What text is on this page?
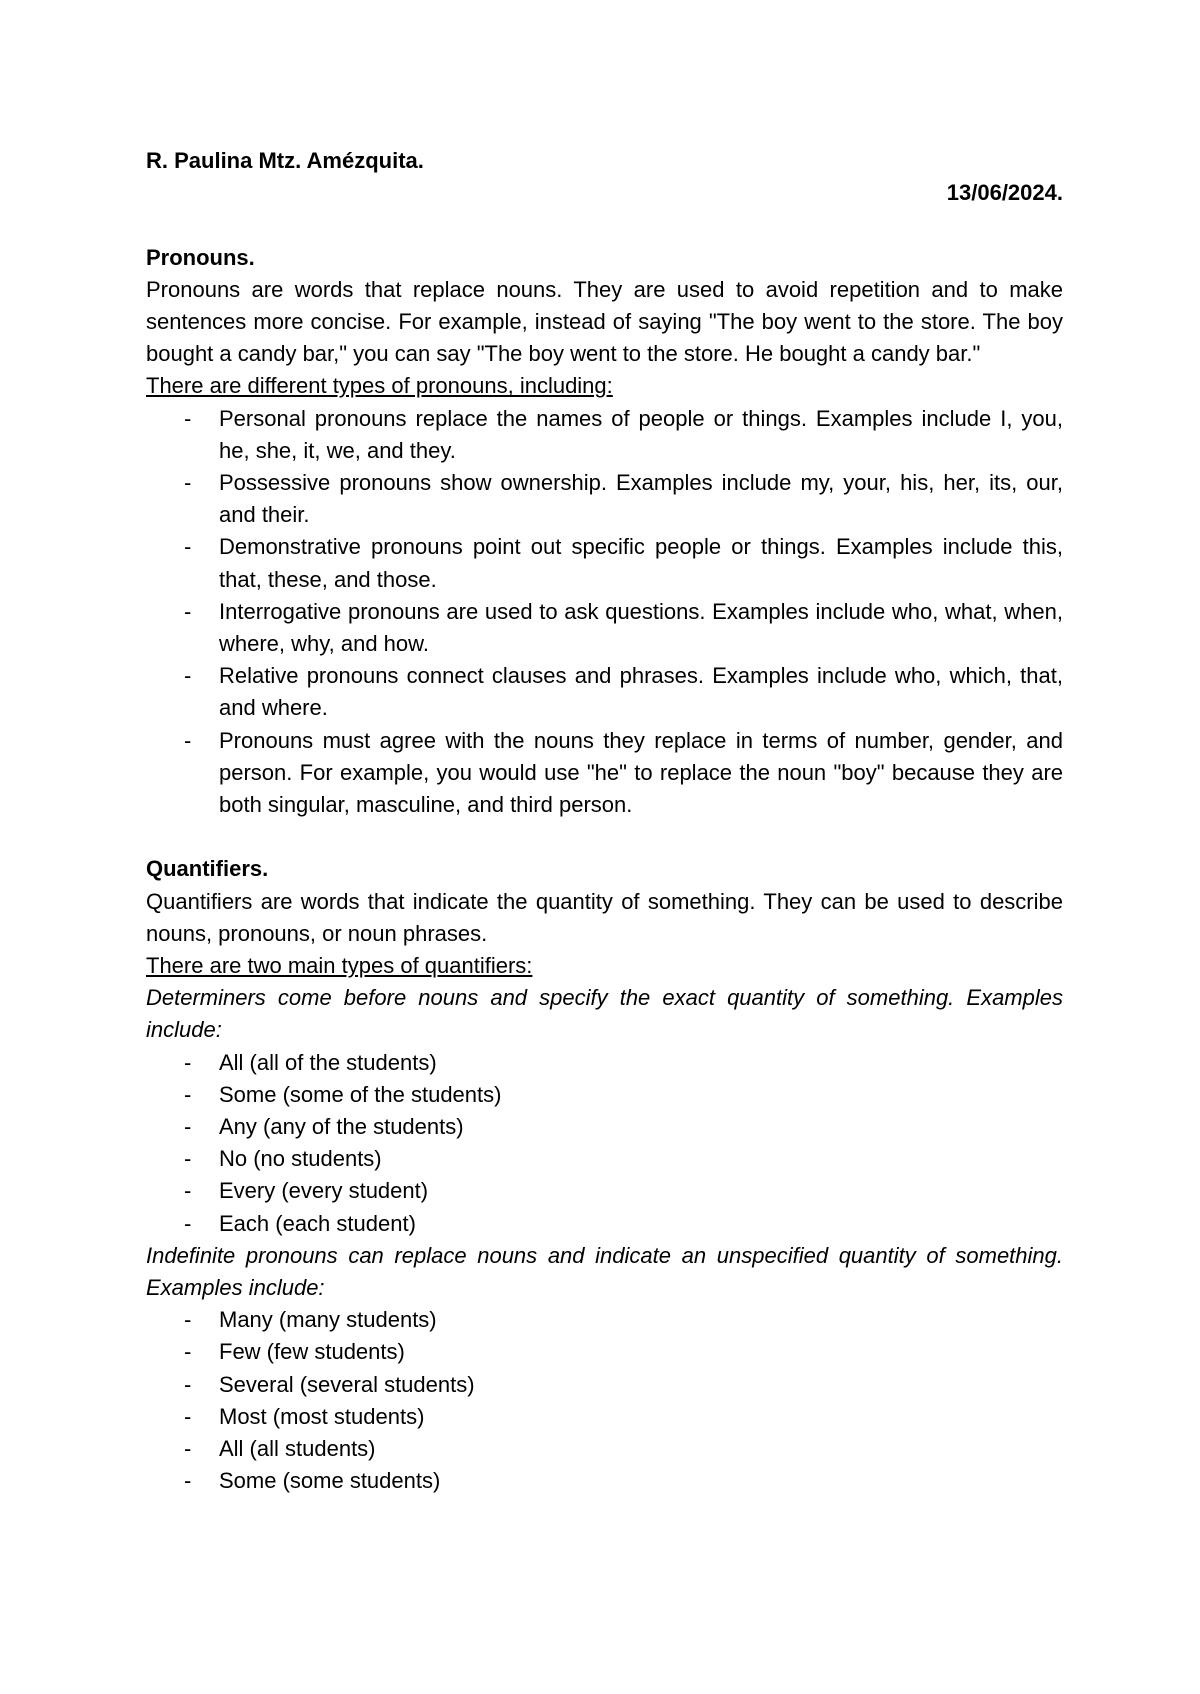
R. Paulina Mtz. Amézquita.

13/06/2024.

Pronouns.

Pronouns are words that replace nouns. They are used to avoid repetition and to make sentences more concise. For example, instead of saying "The boy went to the store. The boy bought a candy bar," you can say "The boy went to the store. He bought a candy bar."

There are different types of pronouns, including:

- Personal pronouns replace the names of people or things. Examples include I, you, he, she, it, we, and they.
- Possessive pronouns show ownership. Examples include my, your, his, her, its, our, and their.
- Demonstrative pronouns point out specific people or things. Examples include this, that, these, and those.
- Interrogative pronouns are used to ask questions. Examples include who, what, when, where, why, and how.
- Relative pronouns connect clauses and phrases. Examples include who, which, that, and where.
- Pronouns must agree with the nouns they replace in terms of number, gender, and person. For example, you would use "he" to replace the noun "boy" because they are both singular, masculine, and third person.

Quantifiers.

Quantifiers are words that indicate the quantity of something. They can be used to describe nouns, pronouns, or noun phrases.

There are two main types of quantifiers:

Determiners come before nouns and specify the exact quantity of something. Examples include:

- All (all of the students)
- Some (some of the students)
- Any (any of the students)
- No (no students)
- Every (every student)
- Each (each student)

Indefinite pronouns can replace nouns and indicate an unspecified quantity of something. Examples include:

- Many (many students)
- Few (few students)
- Several (several students)
- Most (most students)
- All (all students)
- Some (some students)
